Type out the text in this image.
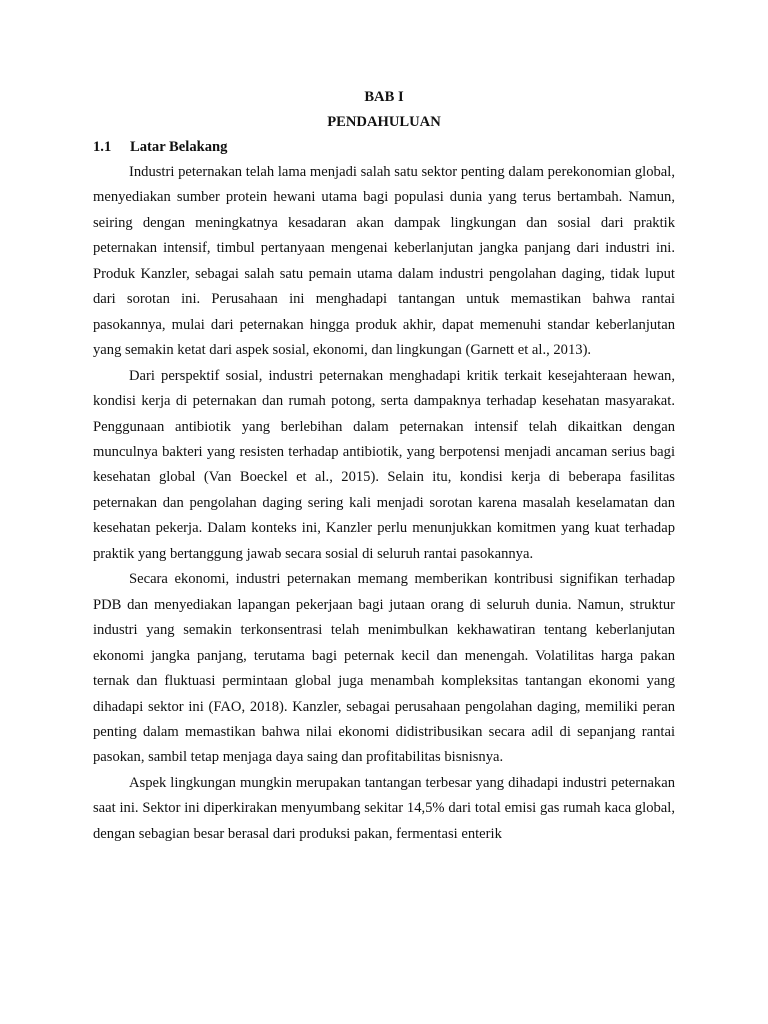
BAB I

PENDAHULUAN

1.1	Latar Belakang

Industri peternakan telah lama menjadi salah satu sektor penting dalam perekonomian global, menyediakan sumber protein hewani utama bagi populasi dunia yang terus bertambah. Namun, seiring dengan meningkatnya kesadaran akan dampak lingkungan dan sosial dari praktik peternakan intensif, timbul pertanyaan mengenai keberlanjutan jangka panjang dari industri ini. Produk Kanzler, sebagai salah satu pemain utama dalam industri pengolahan daging, tidak luput dari sorotan ini. Perusahaan ini menghadapi tantangan untuk memastikan bahwa rantai pasokannya, mulai dari peternakan hingga produk akhir, dapat memenuhi standar keberlanjutan yang semakin ketat dari aspek sosial, ekonomi, dan lingkungan (Garnett et al., 2013).

Dari perspektif sosial, industri peternakan menghadapi kritik terkait kesejahteraan hewan, kondisi kerja di peternakan dan rumah potong, serta dampaknya terhadap kesehatan masyarakat. Penggunaan antibiotik yang berlebihan dalam peternakan intensif telah dikaitkan dengan munculnya bakteri yang resisten terhadap antibiotik, yang berpotensi menjadi ancaman serius bagi kesehatan global (Van Boeckel et al., 2015). Selain itu, kondisi kerja di beberapa fasilitas peternakan dan pengolahan daging sering kali menjadi sorotan karena masalah keselamatan dan kesehatan pekerja. Dalam konteks ini, Kanzler perlu menunjukkan komitmen yang kuat terhadap praktik yang bertanggung jawab secara sosial di seluruh rantai pasokannya.

Secara ekonomi, industri peternakan memang memberikan kontribusi signifikan terhadap PDB dan menyediakan lapangan pekerjaan bagi jutaan orang di seluruh dunia. Namun, struktur industri yang semakin terkonsentrasi telah menimbulkan kekhawatiran tentang keberlanjutan ekonomi jangka panjang, terutama bagi peternak kecil dan menengah. Volatilitas harga pakan ternak dan fluktuasi permintaan global juga menambah kompleksitas tantangan ekonomi yang dihadapi sektor ini (FAO, 2018). Kanzler, sebagai perusahaan pengolahan daging, memiliki peran penting dalam memastikan bahwa nilai ekonomi didistribusikan secara adil di sepanjang rantai pasokan, sambil tetap menjaga daya saing dan profitabilitas bisnisnya.

Aspek lingkungan mungkin merupakan tantangan terbesar yang dihadapi industri peternakan saat ini. Sektor ini diperkirakan menyumbang sekitar 14,5% dari total emisi gas rumah kaca global, dengan sebagian besar berasal dari produksi pakan, fermentasi enterik
